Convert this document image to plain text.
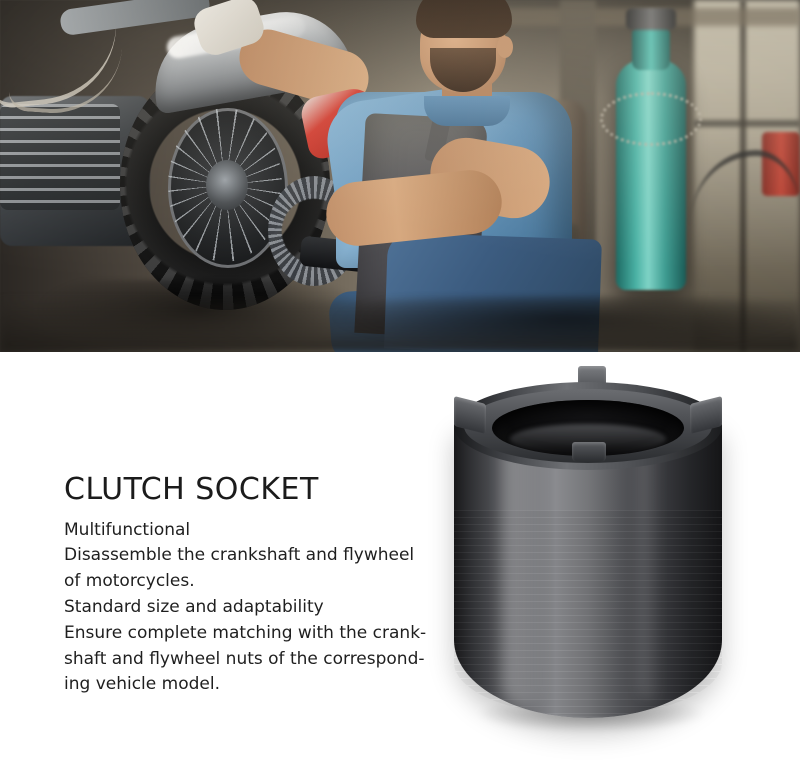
CLUTCH SOCKET
Multifunctional
Disassemble the crankshaft and flywheel
of motorcycles.
Standard size and adaptability
Ensure complete matching with the crank-
shaft and flywheel nuts of the correspond-
ing vehicle model.
